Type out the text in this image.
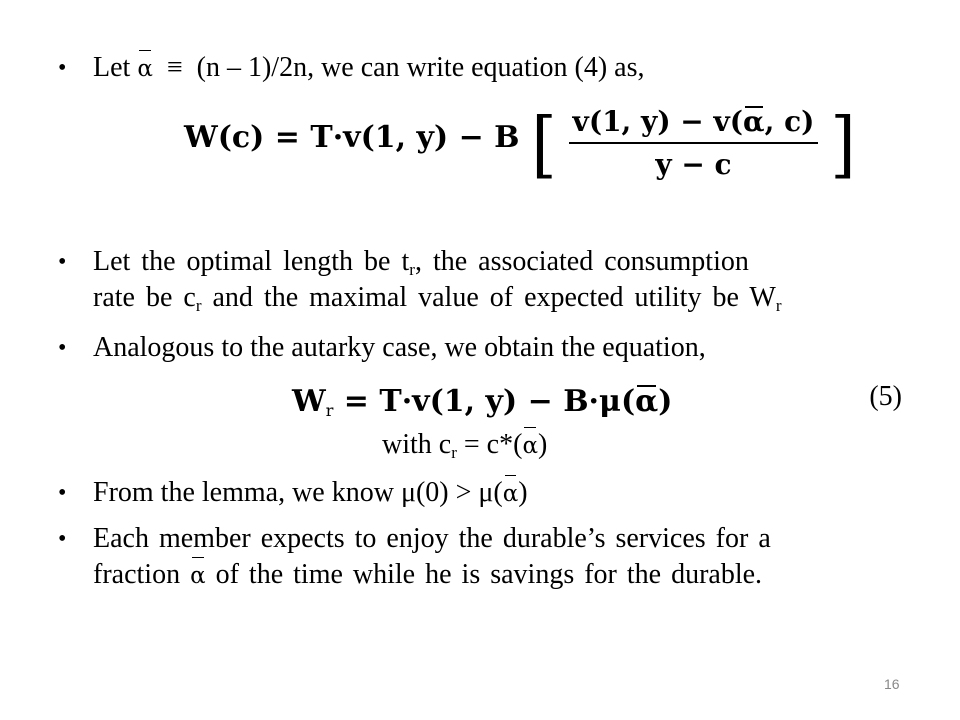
• Let α ≡ (n – 1)/2n, we can write equation (4) as,
W(c) = T·v(1, y) − B [ $\frac{v(1, y) - v(\alpha, c)}{y - c}$ ]
• Let the optimal length be $t_r$, the associated consumption
rate be $c_r$ and the maximal value of expected utility be $W_r$
• Analogous to the autarky case, we obtain the equation,
$W_r = T\cdot v(1$, y) − B·μ(α)	(5)
with $c_r = c*(\alpha)$
• From the lemma, we know μ(0) > μ(α)
• Each member expects to enjoy the durable’s services for a
fraction α of the time while he is savings for the durable.
16
